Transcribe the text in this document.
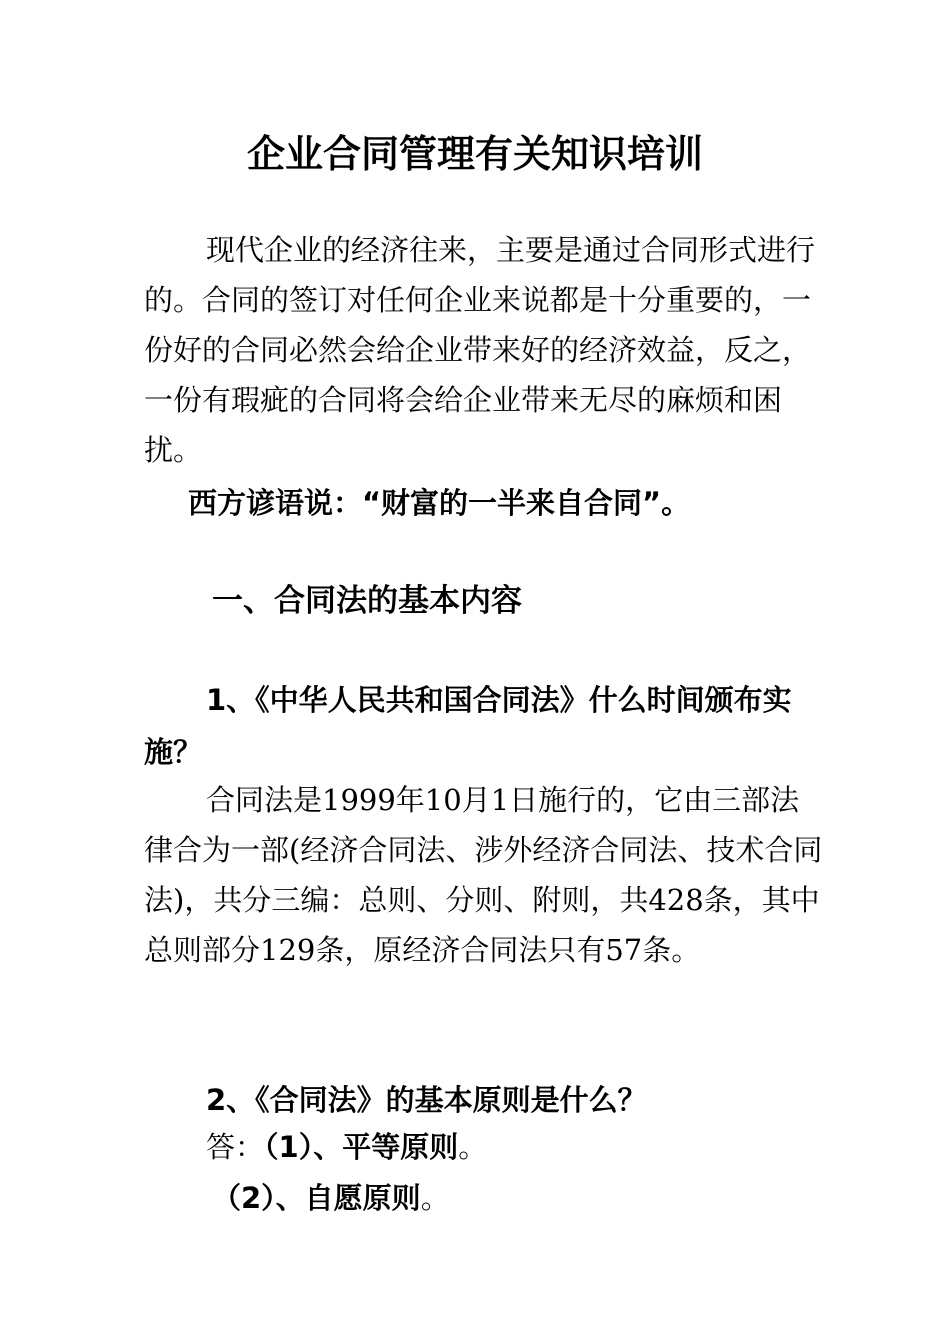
企业合同管理有关知识培训
现代企业的经济往来，主要是通过合同形式进行的。合同的签订对任何企业来说都是十分重要的，一份好的合同必然会给企业带来好的经济效益，反之，一份有瑕疵的合同将会给企业带来无尽的麻烦和困扰。
西方谚语说：“财富的一半来自合同”。
一、合同法的基本内容
1、《中华人民共和国合同法》什么时间颁布实施？
合同法是1999年10月1日施行的，它由三部法律合为一部(经济合同法、涉外经济合同法、技术合同法)，共分三编：总则、分则、附则，共428条，其中总则部分129条，原经济合同法只有57条。
2、《合同法》的基本原则是什么？
答：（1）、平等原则。
（2）、自愿原则。
